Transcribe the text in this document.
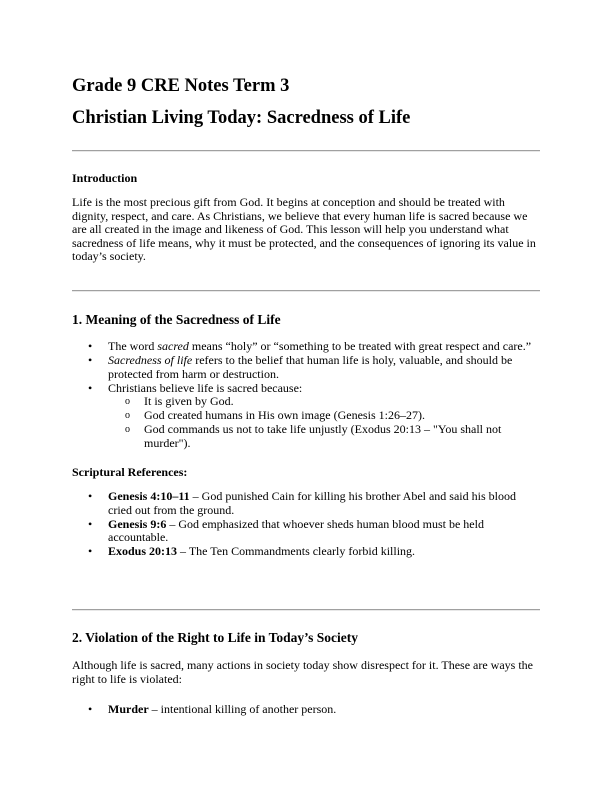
Grade 9 CRE Notes Term 3
Christian Living Today: Sacredness of Life
Introduction

Life is the most precious gift from God. It begins at conception and should be treated with dignity, respect, and care. As Christians, we believe that every human life is sacred because we are all created in the image and likeness of God. This lesson will help you understand what sacredness of life means, why it must be protected, and the consequences of ignoring its value in today’s society.

1. Meaning of the Sacredness of Life
• The word sacred means “holy” or “something to be treated with great respect and care.”
• Sacredness of life refers to the belief that human life is holy, valuable, and should be protected from harm or destruction.
• Christians believe life is sacred because:
o It is given by God.
o God created humans in His own image (Genesis 1:26–27).
o God commands us not to take life unjustly (Exodus 20:13 – "You shall not murder").
Scriptural References:
• Genesis 4:10–11 – God punished Cain for killing his brother Abel and said his blood cried out from the ground.
• Genesis 9:6 – God emphasized that whoever sheds human blood must be held accountable.
• Exodus 20:13 – The Ten Commandments clearly forbid killing.
2. Violation of the Right to Life in Today’s Society

Although life is sacred, many actions in society today show disrespect for it. These are ways the right to life is violated:

• Murder – intentional killing of another person.
